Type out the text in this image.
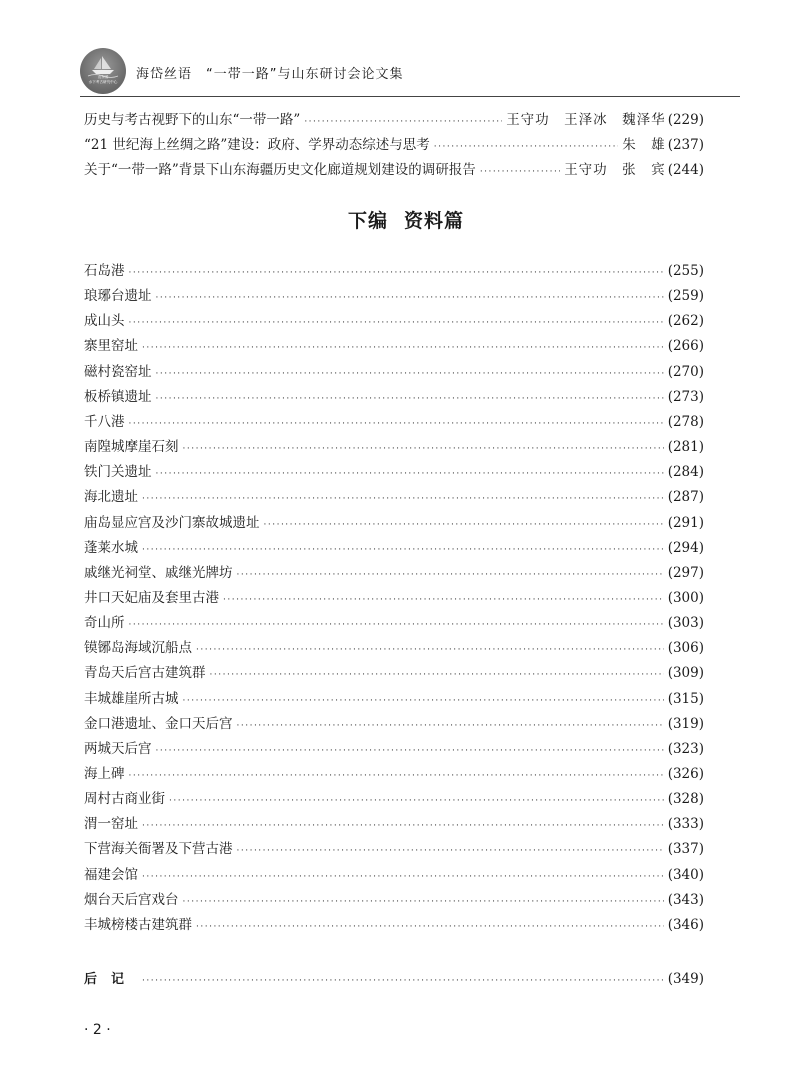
山东省
水下考古研究中心	海岱丝语　“一带一路”与山东研讨会论文集
历史与考古视野下的山东“一带一路” ·····	王守功　王泽冰　魏泽华 (229)
“21 世纪海上丝绸之路”建设：政府、学界动态综述与思考 ·····	朱　雄 (237)
关于“一带一路”背景下山东海疆历史文化廊道规划建设的调研报告 ·····	王守功　张　宾 (244)
下编 资料篇
石岛港 ·····	(255)
琅琊台遗址 ·····	(259)
成山头 ·····	(262)
寨里窑址 ·····	(266)
磁村瓷窑址 ·····	(270)
板桥镇遗址 ·····	(273)
千八港 ·····	(278)
南隍城摩崖石刻 ·····	(281)
铁门关遗址 ·····	(284)
海北遗址 ·····	(287)
庙岛显应宫及沙门寨故城遗址 ·····	(291)
蓬莱水城 ·····	(294)
戚继光祠堂、戚继光牌坊 ·····	(297)
井口天妃庙及套里古港 ·····	(300)
奇山所 ·····	(303)
镆铘岛海域沉船点 ·····	(306)
青岛天后宫古建筑群 ·····	(309)
丰城雄崖所古城 ·····	(315)
金口港遗址、金口天后宫 ·····	(319)
两城天后宫 ·····	(323)
海上碑 ·····	(326)
周村古商业街 ·····	(328)
渭一窑址 ·····	(333)
下营海关衙署及下营古港 ·····	(337)
福建会馆 ·····	(340)
烟台天后宫戏台 ·····	(343)
丰城榜楼古建筑群 ·····	(346)
后记 ·····	(349)
· 2 ·
